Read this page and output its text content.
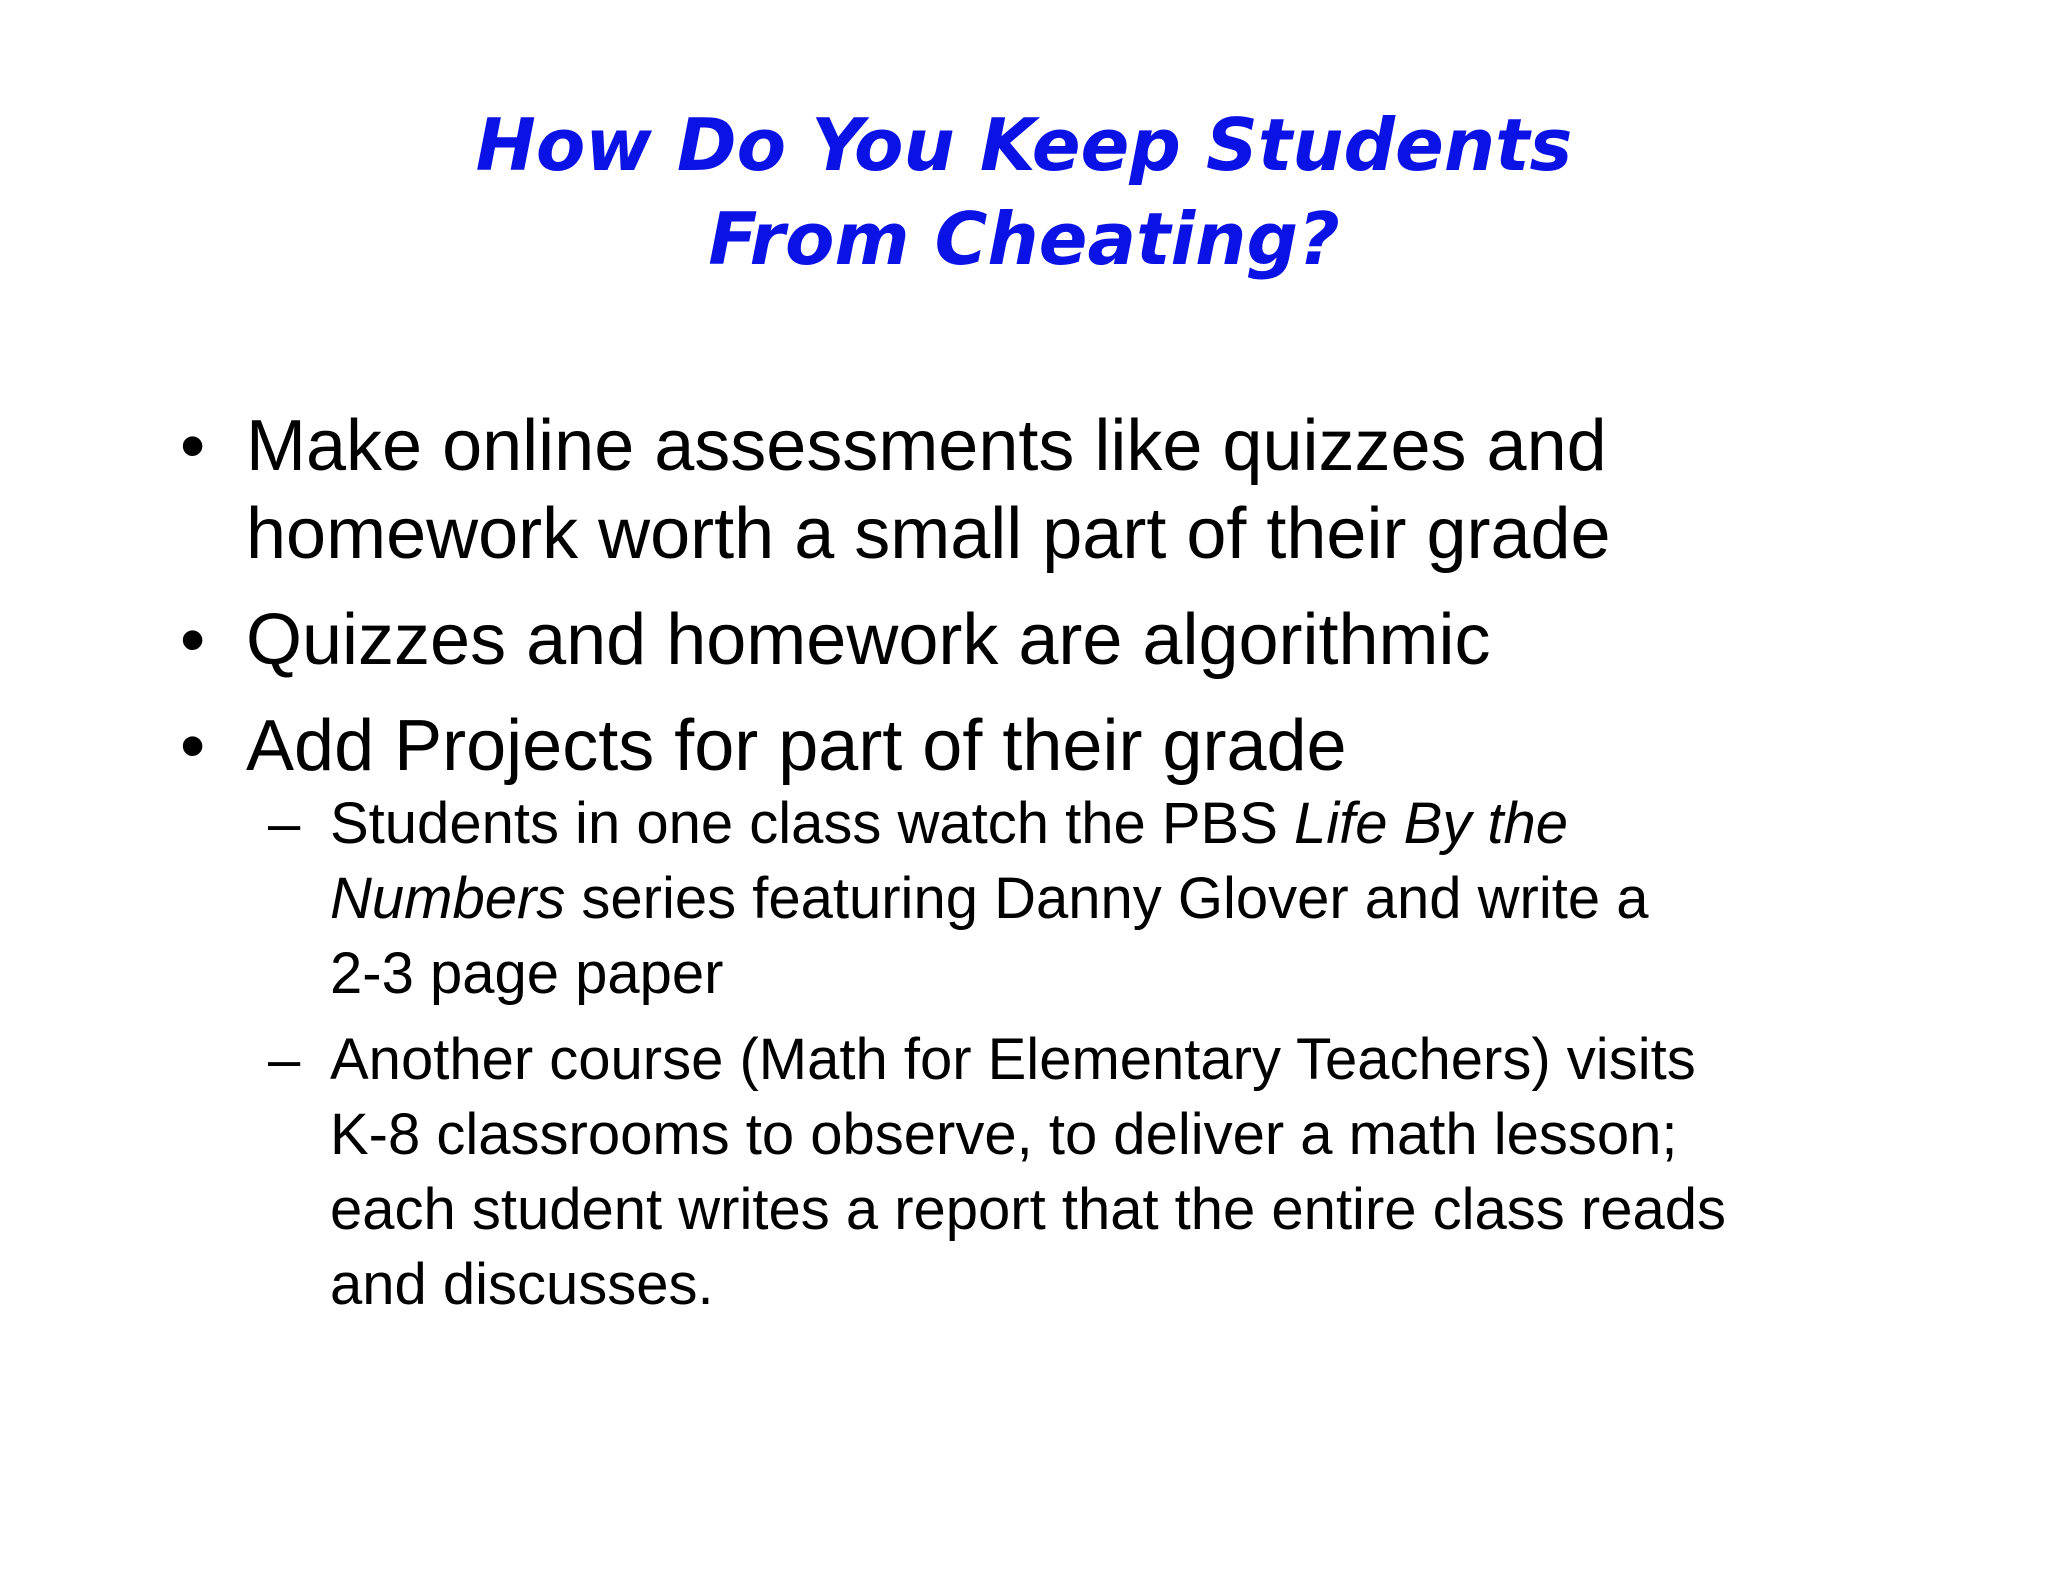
How Do You Keep Students
From Cheating?
• Make online assessments like quizzes and
homework worth a small part of their grade
• Quizzes and homework are algorithmic
• Add Projects for part of their grade
– Students in one class watch the PBS Life By the
Numbers series featuring Danny Glover and write a
2-3 page paper
– Another course (Math for Elementary Teachers) visits
K-8 classrooms to observe, to deliver a math lesson;
each student writes a report that the entire class reads
and discusses.
